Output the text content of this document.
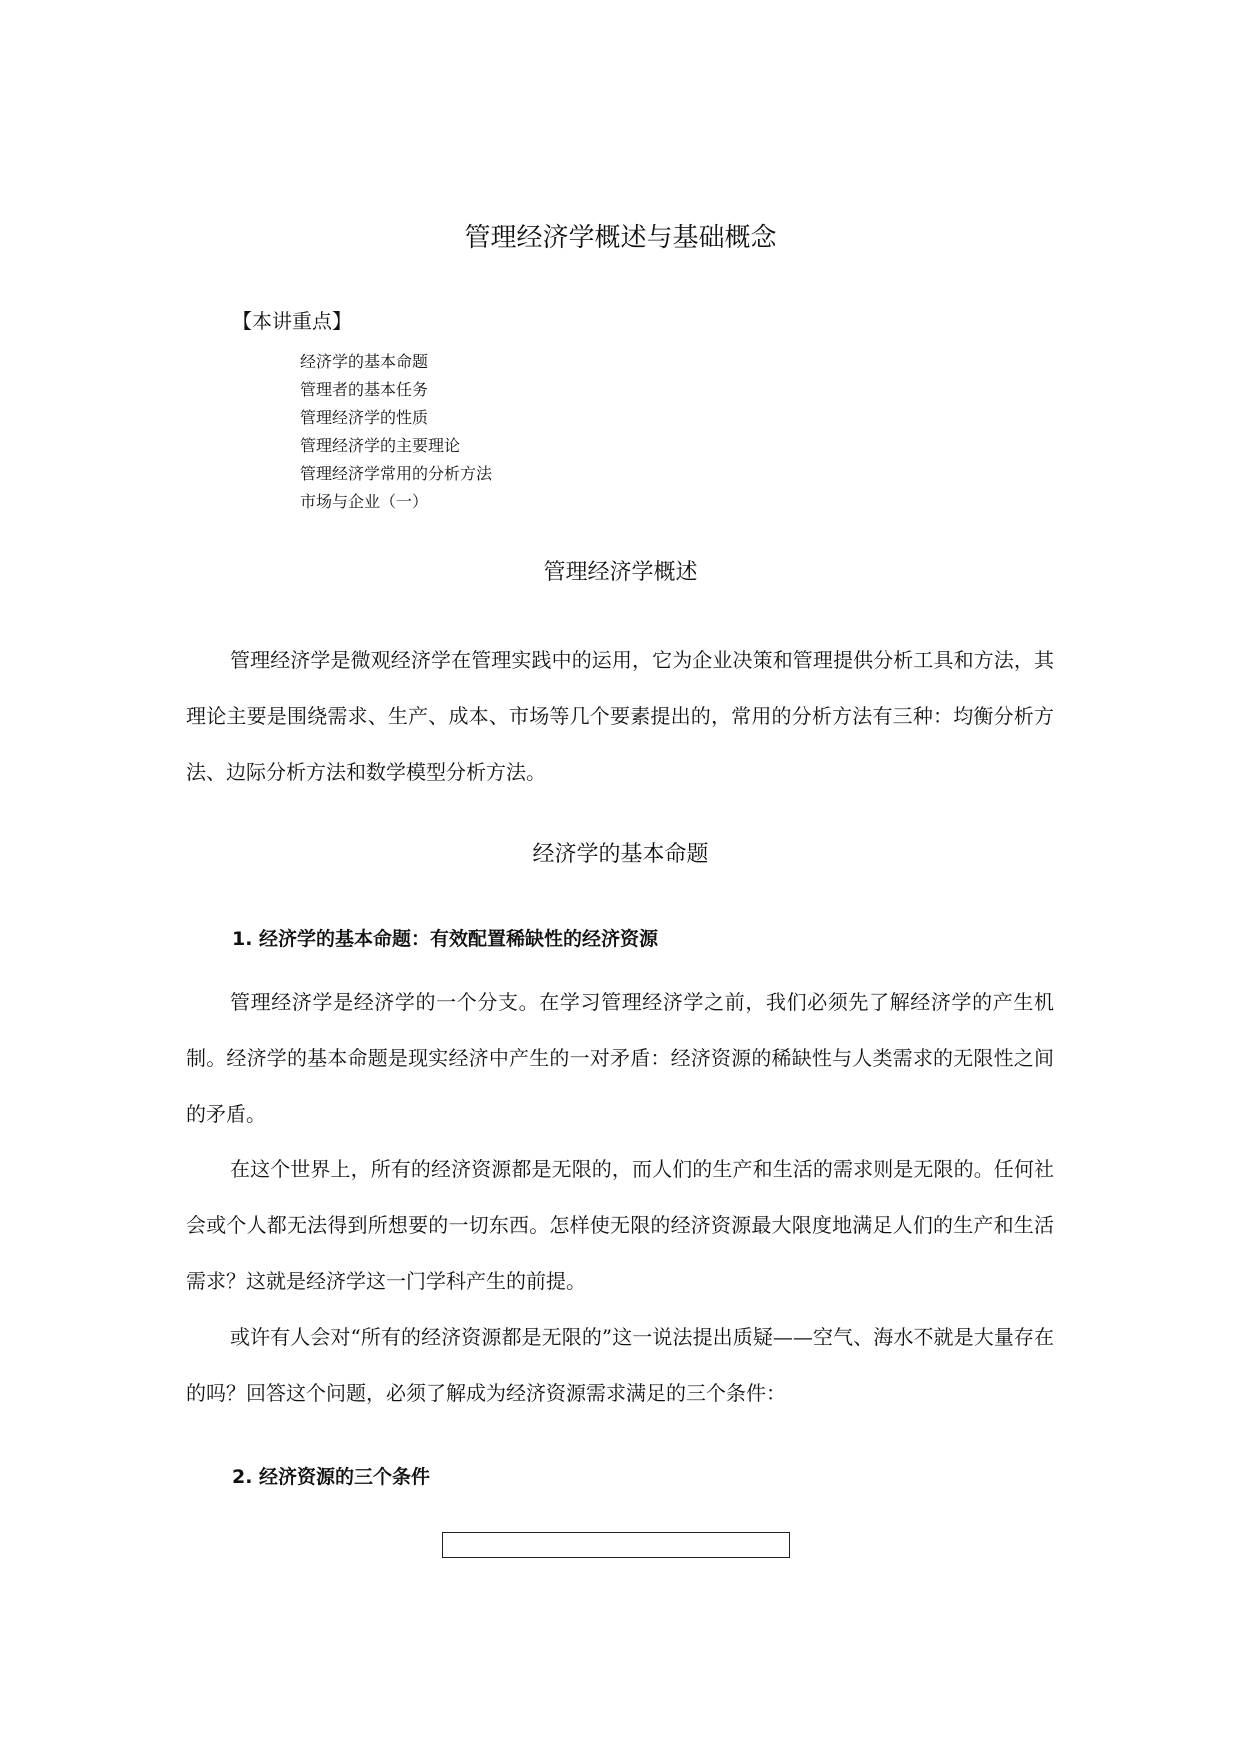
管理经济学概述与基础概念
【本讲重点】
经济学的基本命题
管理者的基本任务
管理经济学的性质
管理经济学的主要理论
管理经济学常用的分析方法
市场与企业（一）
管理经济学概述

管理经济学是微观经济学在管理实践中的运用，它为企业决策和管理提供分析工具和方法，其理论主要是围绕需求、生产、成本、市场等几个要素提出的，常用的分析方法有三种：均衡分析方法、边际分析方法和数学模型分析方法。

经济学的基本命题
1. 经济学的基本命题：有效配置稀缺性的经济资源

管理经济学是经济学的一个分支。在学习管理经济学之前，我们必须先了解经济学的产生机制。经济学的基本命题是现实经济中产生的一对矛盾：经济资源的稀缺性与人类需求的无限性之间的矛盾。

在这个世界上，所有的经济资源都是无限的，而人们的生产和生活的需求则是无限的。任何社会或个人都无法得到所想要的一切东西。怎样使无限的经济资源最大限度地满足人们的生产和生活需求？这就是经济学这一门学科产生的前提。

或许有人会对“所有的经济资源都是无限的”这一说法提出质疑——空气、海水不就是大量存在的吗？回答这个问题，必须了解成为经济资源需求满足的三个条件：

2. 经济资源的三个条件
